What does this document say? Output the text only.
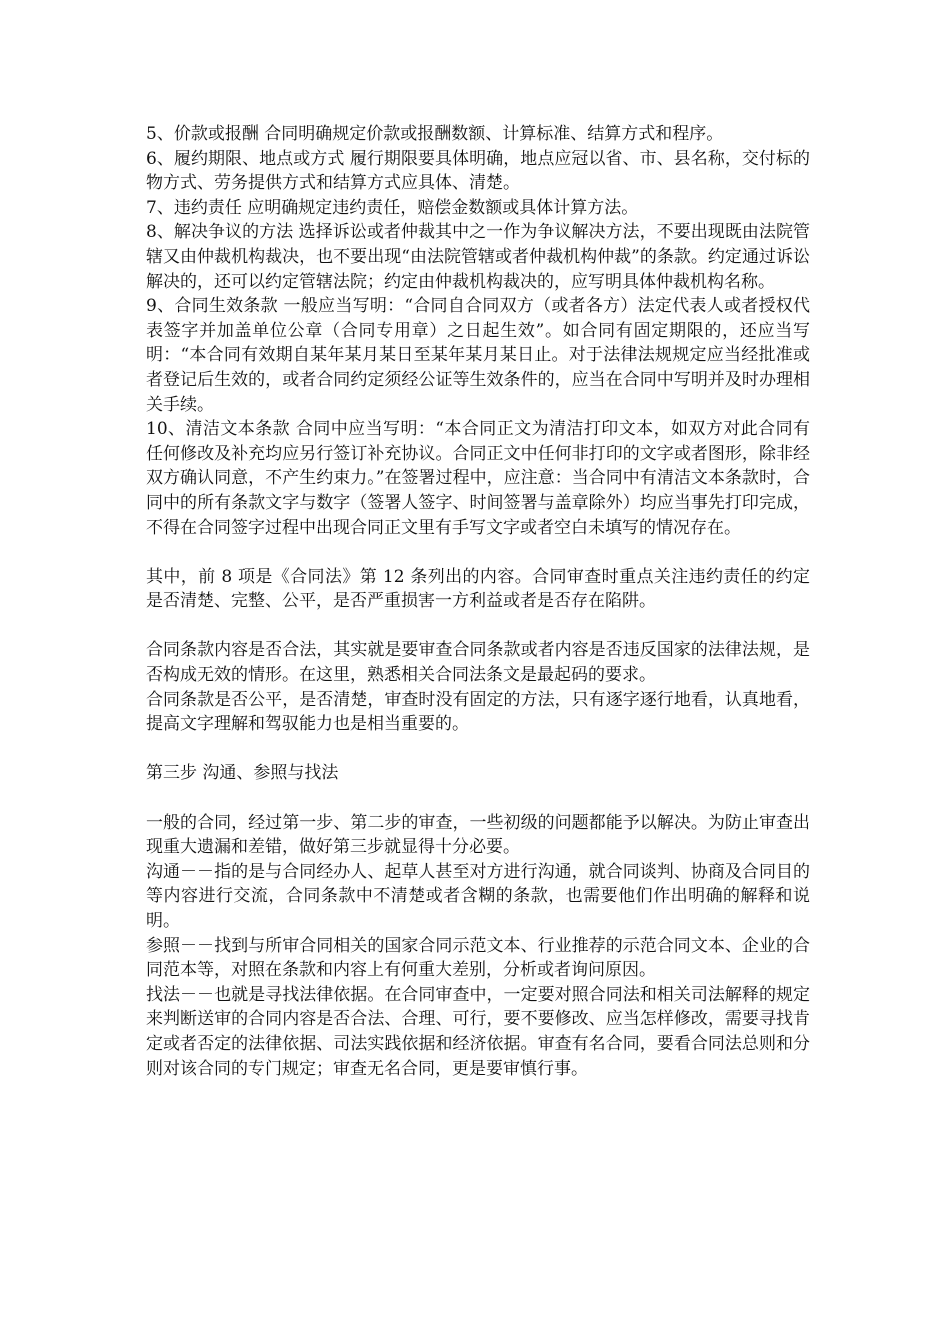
5、价款或报酬 合同明确规定价款或报酬数额、计算标准、结算方式和程序。

6、履约期限、地点或方式 履行期限要具体明确，地点应冠以省、市、县名称，交付标的物方式、劳务提供方式和结算方式应具体、清楚。

7、违约责任 应明确规定违约责任，赔偿金数额或具体计算方法。

8、解决争议的方法 选择诉讼或者仲裁其中之一作为争议解决方法，不要出现既由法院管辖又由仲裁机构裁决，也不要出现“由法院管辖或者仲裁机构仲裁”的条款。约定通过诉讼解决的，还可以约定管辖法院；约定由仲裁机构裁决的，应写明具体仲裁机构名称。

9、合同生效条款 一般应当写明：“合同自合同双方（或者各方）法定代表人或者授权代表签字并加盖单位公章（合同专用章）之日起生效”。如合同有固定期限的，还应当写明：“本合同有效期自某年某月某日至某年某月某日止。对于法律法规规定应当经批准或者登记后生效的，或者合同约定须经公证等生效条件的，应当在合同中写明并及时办理相关手续。

10、清洁文本条款 合同中应当写明：“本合同正文为清洁打印文本，如双方对此合同有任何修改及补充均应另行签订补充协议。合同正文中任何非打印的文字或者图形，除非经双方确认同意，不产生约束力。”在签署过程中，应注意：当合同中有清洁文本条款时，合同中的所有条款文字与数字（签署人签字、时间签署与盖章除外）均应当事先打印完成，不得在合同签字过程中出现合同正文里有手写文字或者空白未填写的情况存在。

其中，前 8 项是《合同法》第 12 条列出的内容。合同审查时重点关注违约责任的约定是否清楚、完整、公平，是否严重损害一方利益或者是否存在陷阱。

合同条款内容是否合法，其实就是要审查合同条款或者内容是否违反国家的法律法规，是否构成无效的情形。在这里，熟悉相关合同法条文是最起码的要求。

合同条款是否公平，是否清楚，审查时没有固定的方法，只有逐字逐行地看，认真地看，提高文字理解和驾驭能力也是相当重要的。

第三步 沟通、参照与找法

一般的合同，经过第一步、第二步的审查，一些初级的问题都能予以解决。为防止审查出现重大遗漏和差错，做好第三步就显得十分必要。

沟通－－指的是与合同经办人、起草人甚至对方进行沟通，就合同谈判、协商及合同目的等内容进行交流，合同条款中不清楚或者含糊的条款，也需要他们作出明确的解释和说明。

参照－－找到与所审合同相关的国家合同示范文本、行业推荐的示范合同文本、企业的合同范本等，对照在条款和内容上有何重大差别，分析或者询问原因。

找法－－也就是寻找法律依据。在合同审查中，一定要对照合同法和相关司法解释的规定来判断送审的合同内容是否合法、合理、可行，要不要修改、应当怎样修改，需要寻找肯定或者否定的法律依据、司法实践依据和经济依据。审查有名合同，要看合同法总则和分则对该合同的专门规定；审查无名合同，更是要审慎行事。
